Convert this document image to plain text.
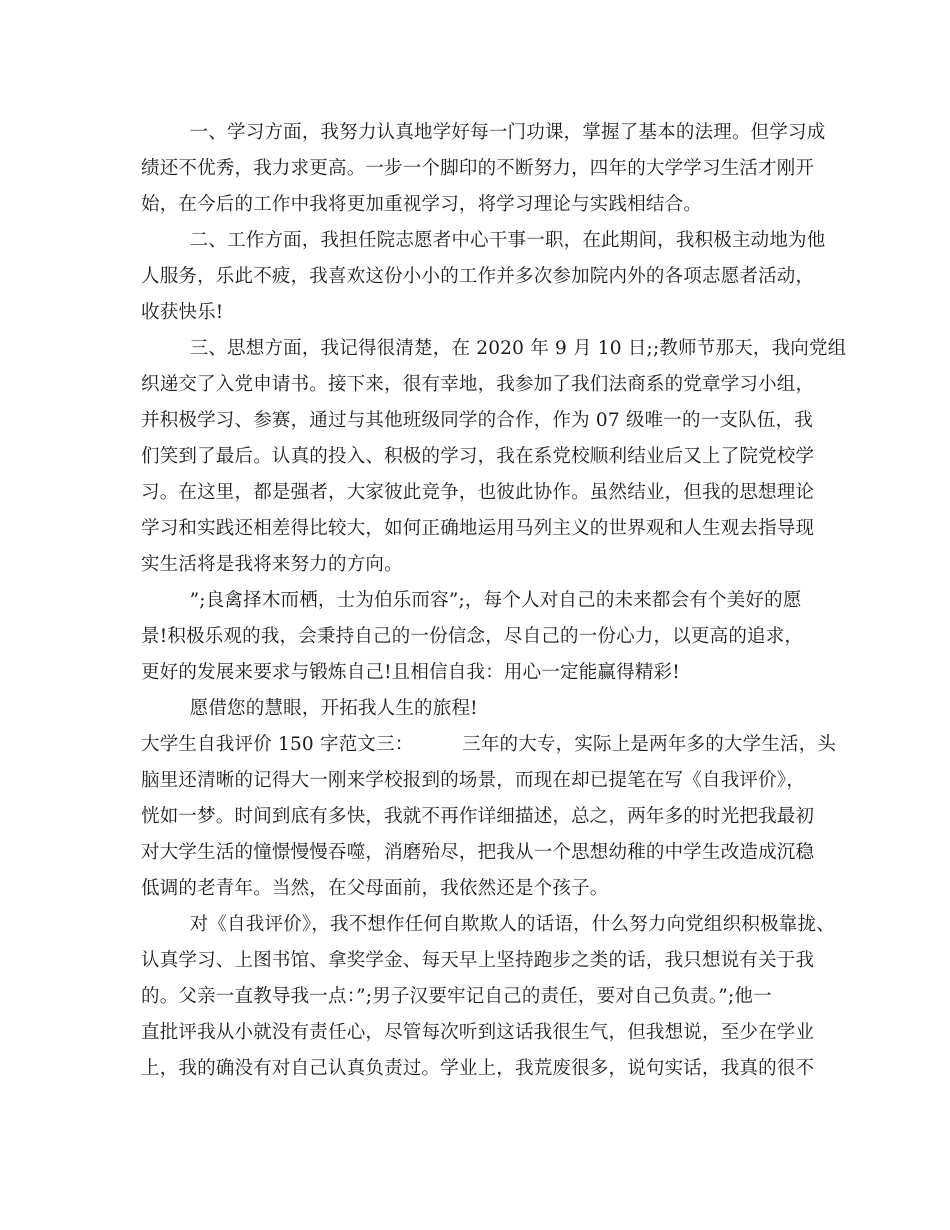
一、学习方面，我努力认真地学好每一门功课，掌握了基本的法理。但学习成
绩还不优秀，我力求更高。一步一个脚印的不断努力，四年的大学学习生活才刚开
始，在今后的工作中我将更加重视学习，将学习理论与实践相结合。
二、工作方面，我担任院志愿者中心干事一职，在此期间，我积极主动地为他
人服务，乐此不疲，我喜欢这份小小的工作并多次参加院内外的各项志愿者活动，
收获快乐!
三、思想方面，我记得很清楚，在 2020 年 9 月 10 日;;教师节那天，我向党组
织递交了入党申请书。接下来，很有幸地，我参加了我们法商系的党章学习小组，
并积极学习、参赛，通过与其他班级同学的合作，作为 07 级唯一的一支队伍，我
们笑到了最后。认真的投入、积极的学习，我在系党校顺利结业后又上了院党校学
习。在这里，都是强者，大家彼此竞争，也彼此协作。虽然结业，但我的思想理论
学习和实践还相差得比较大，如何正确地运用马列主义的世界观和人生观去指导现
实生活将是我将来努力的方向。
”;良禽择木而栖，士为伯乐而容”;，每个人对自己的未来都会有个美好的愿
景!积极乐观的我，会秉持自己的一份信念，尽自己的一份心力，以更高的追求，
更好的发展来要求与锻炼自己!且相信自我：用心一定能赢得精彩!
愿借您的慧眼，开拓我人生的旅程!
大学生自我评价 150 字范文三：        三年的大专，实际上是两年多的大学生活，头
脑里还清晰的记得大一刚来学校报到的场景，而现在却已提笔在写《自我评价》，
恍如一梦。时间到底有多快，我就不再作详细描述，总之，两年多的时光把我最初
对大学生活的憧憬慢慢吞噬，消磨殆尽，把我从一个思想幼稚的中学生改造成沉稳
低调的老青年。当然，在父母面前，我依然还是个孩子。
对《自我评价》，我不想作任何自欺欺人的话语，什么努力向党组织积极靠拢、
认真学习、上图书馆、拿奖学金、每天早上坚持跑步之类的话，我只想说有关于我
的。父亲一直教导我一点：”;男子汉要牢记自己的责任，要对自己负责。”;他一
直批评我从小就没有责任心，尽管每次听到这话我很生气，但我想说，至少在学业
上，我的确没有对自己认真负责过。学业上，我荒废很多，说句实话，我真的很不
